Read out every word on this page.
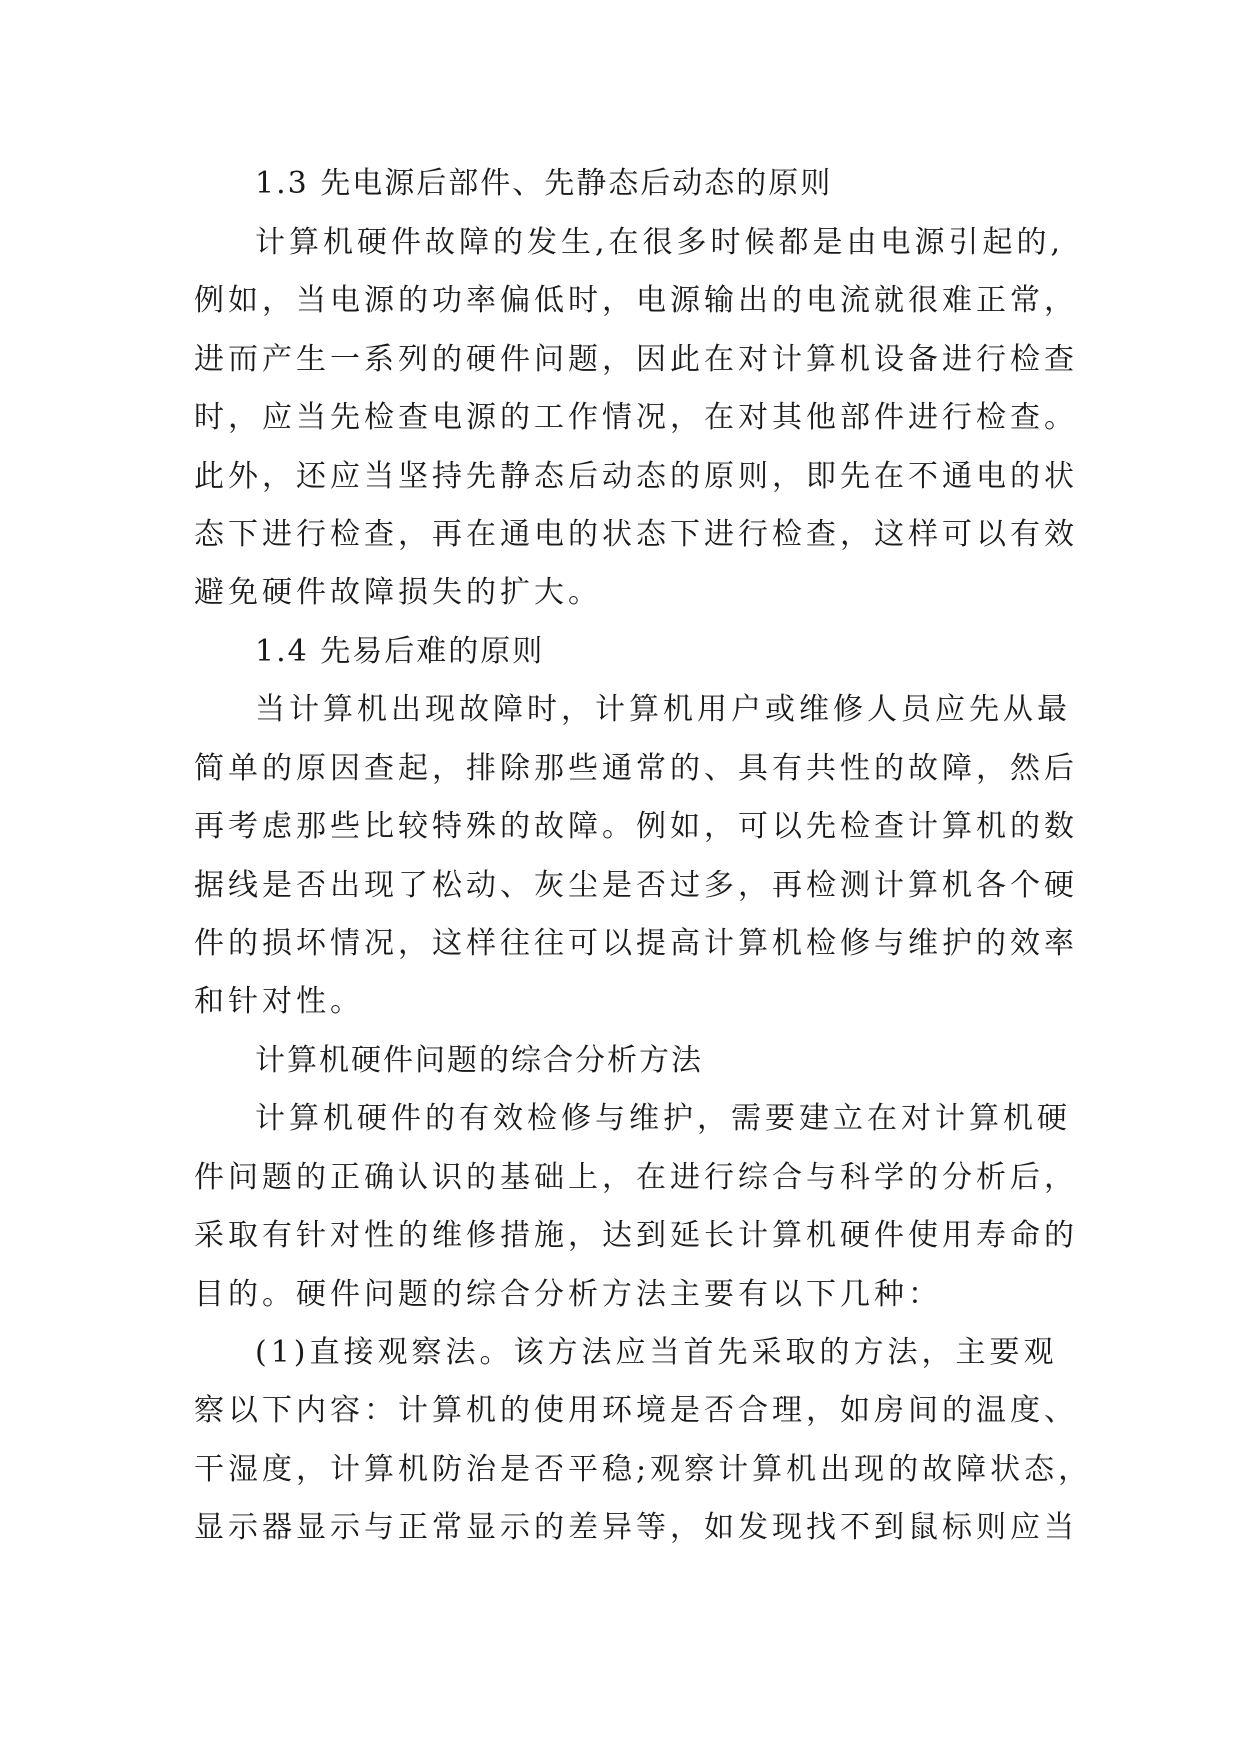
1.3 先电源后部件、先静态后动态的原则
计算机硬件故障的发生,在很多时候都是由电源引起的,
例如，当电源的功率偏低时，电源输出的电流就很难正常，
进而产生一系列的硬件问题，因此在对计算机设备进行检查
时，应当先检查电源的工作情况，在对其他部件进行检查。
此外，还应当坚持先静态后动态的原则，即先在不通电的状
态下进行检查，再在通电的状态下进行检查，这样可以有效
避免硬件故障损失的扩大。
1.4 先易后难的原则
当计算机出现故障时，计算机用户或维修人员应先从最
简单的原因查起，排除那些通常的、具有共性的故障，然后
再考虑那些比较特殊的故障。例如，可以先检查计算机的数
据线是否出现了松动、灰尘是否过多，再检测计算机各个硬
件的损坏情况，这样往往可以提高计算机检修与维护的效率
和针对性。
计算机硬件问题的综合分析方法
计算机硬件的有效检修与维护，需要建立在对计算机硬
件问题的正确认识的基础上，在进行综合与科学的分析后，
采取有针对性的维修措施，达到延长计算机硬件使用寿命的
目的。硬件问题的综合分析方法主要有以下几种：
(1)直接观察法。该方法应当首先采取的方法，主要观
察以下内容：计算机的使用环境是否合理，如房间的温度、
干湿度，计算机防治是否平稳;观察计算机出现的故障状态，
显示器显示与正常显示的差异等，如发现找不到鼠标则应当
